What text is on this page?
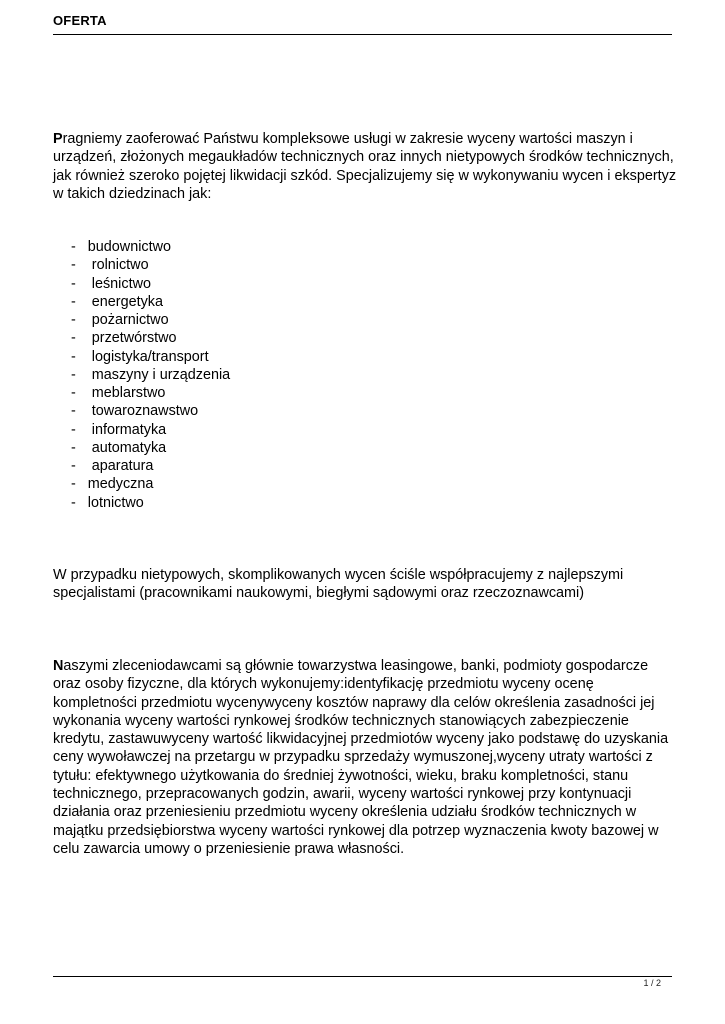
OFERTA

Pragniemy zaoferować Państwu kompleksowe usługi w zakresie wyceny wartości maszyn i urządzeń, złożonych megaukładów technicznych oraz innych nietypowych środków technicznych, jak również szeroko pojętej likwidacji szkód. Specjalizujemy się w wykonywaniu wycen i ekspertyz w takich dziedzinach jak:

-   budownictwo
-    rolnictwo
-    leśnictwo
-    energetyka
-    pożarnictwo
-    przetwórstwo
-    logistyka/transport
-    maszyny i urządzenia
-    meblarstwo
-    towaroznawstwo
-    informatyka
-    automatyka
-    aparatura
-   medyczna
-   lotnictwo

W przypadku nietypowych, skomplikowanych wycen ściśle współpracujemy z najlepszymi specjalistami (pracownikami naukowymi, biegłymi sądowymi oraz rzeczoznawcami)

Naszymi zleceniodawcami są głównie towarzystwa leasingowe, banki, podmioty gospodarcze oraz osoby fizyczne, dla których wykonujemy:identyfikację przedmiotu wyceny ocenę kompletności przedmiotu wycenywyceny kosztów naprawy dla celów określenia zasadności jej wykonania wyceny wartości rynkowej środków technicznych stanowiących zabezpieczenie kredytu, zastawuwyceny wartość likwidacyjnej przedmiotów wyceny jako podstawę do uzyskania ceny wywoławczej na przetargu w przypadku sprzedaży wymuszonej,wyceny utraty wartości z tytułu: efektywnego użytkowania do średniej żywotności, wieku, braku kompletności, stanu technicznego, przepracowanych godzin, awarii, wyceny wartości rynkowej przy kontynuacji działania oraz przeniesieniu przedmiotu wyceny określenia udziału środków technicznych w majątku przedsiębiorstwa wyceny wartości rynkowej dla potrzep wyznaczenia kwoty bazowej w celu zawarcia umowy o przeniesienie prawa własności.

1 / 2
